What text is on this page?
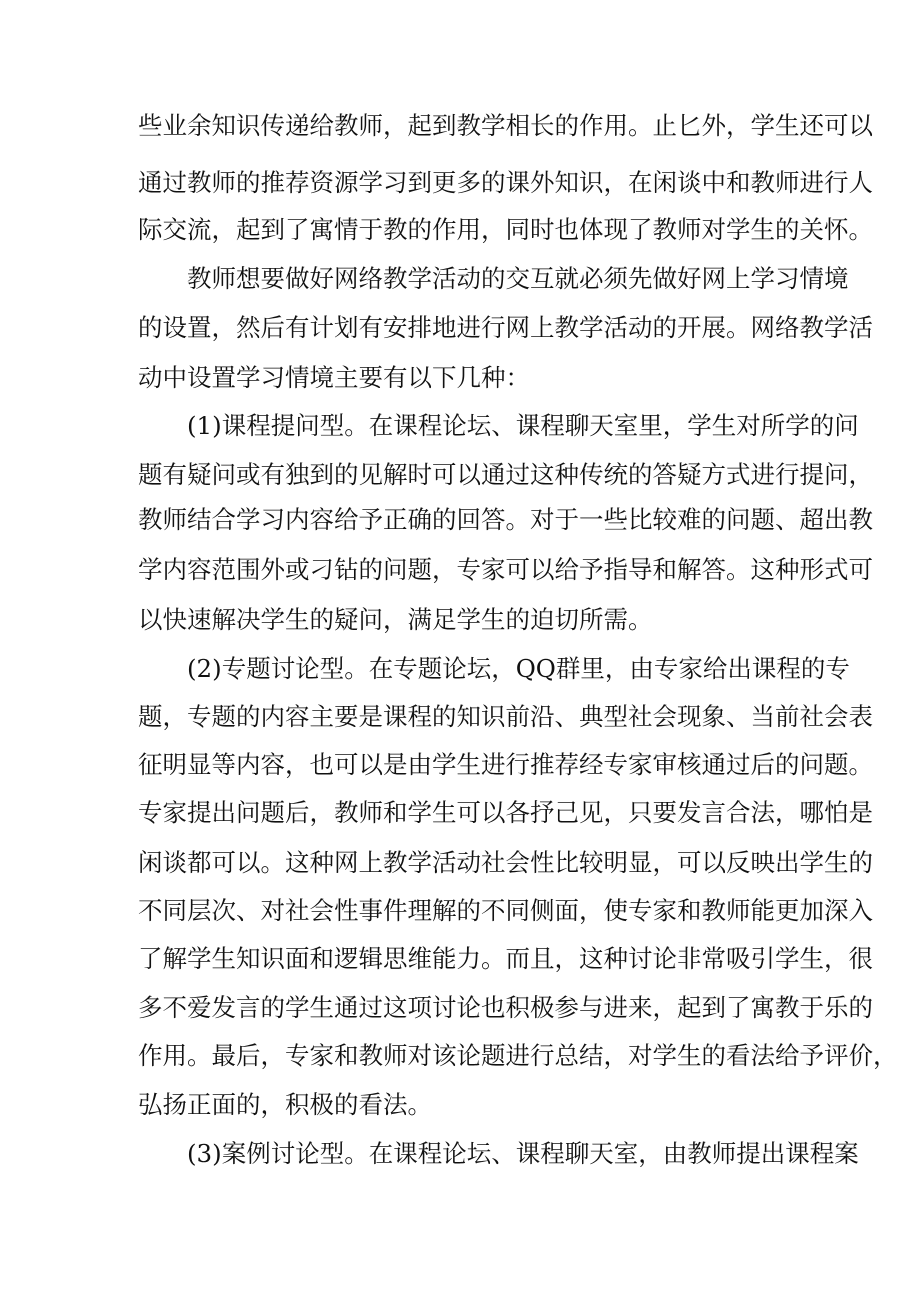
些业余知识传递给教师，起到教学相长的作用。止匕外，学生还可以
通过教师的推荐资源学习到更多的课外知识，在闲谈中和教师进行人
际交流，起到了寓情于教的作用，同时也体现了教师对学生的关怀。
教师想要做好网络教学活动的交互就必须先做好网上学习情境
的设置，然后有计划有安排地进行网上教学活动的开展。网络教学活
动中设置学习情境主要有以下几种：
(1)课程提问型。在课程论坛、课程聊天室里，学生对所学的问
题有疑问或有独到的见解时可以通过这种传统的答疑方式进行提问，
教师结合学习内容给予正确的回答。对于一些比较难的问题、超出教
学内容范围外或刁钻的问题，专家可以给予指导和解答。这种形式可
以快速解决学生的疑问，满足学生的迫切所需。
(2)专题讨论型。在专题论坛，QQ群里，由专家给出课程的专
题，专题的内容主要是课程的知识前沿、典型社会现象、当前社会表
征明显等内容，也可以是由学生进行推荐经专家审核通过后的问题。
专家提出问题后，教师和学生可以各抒己见，只要发言合法，哪怕是
闲谈都可以。这种网上教学活动社会性比较明显，可以反映出学生的
不同层次、对社会性事件理解的不同侧面，使专家和教师能更加深入
了解学生知识面和逻辑思维能力。而且，这种讨论非常吸引学生，很
多不爱发言的学生通过这项讨论也积极参与进来，起到了寓教于乐的
作用。最后，专家和教师对该论题进行总结，对学生的看法给予评价，
弘扬正面的，积极的看法。
(3)案例讨论型。在课程论坛、课程聊天室，由教师提出课程案
